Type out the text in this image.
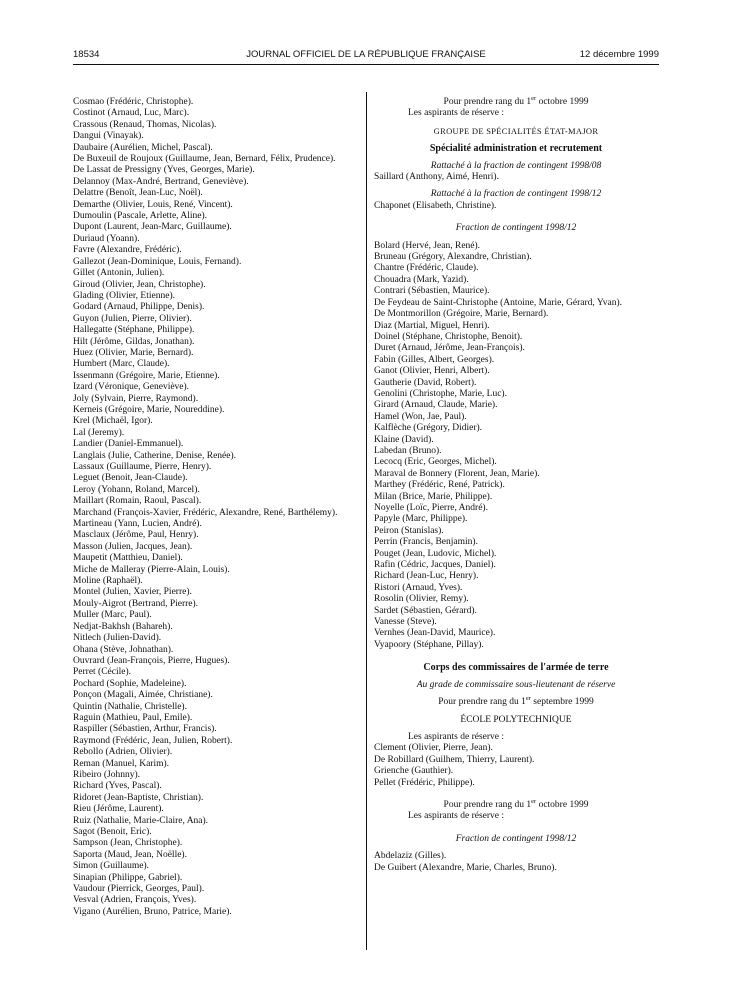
18534	JOURNAL OFFICIEL DE LA RÉPUBLIQUE FRANÇAISE	12 décembre 1999
Cosmao (Frédéric, Christophe).
Costinot (Arnaud, Luc, Marc).
Crassous (Renaud, Thomas, Nicolas).
Dangui (Vinayak).
Daubaire (Aurélien, Michel, Pascal).
De Buxeuil de Roujoux (Guillaume, Jean, Bernard, Félix, Prudence).
De Lassat de Pressigny (Yves, Georges, Marie).
Delannoy (Max-André, Bertrand, Geneviève).
Delattre (Benoît, Jean-Luc, Noël).
Demarthe (Olivier, Louis, René, Vincent).
Dumoulin (Pascale, Arlette, Aline).
Dupont (Laurent, Jean-Marc, Guillaume).
Duriaud (Yoann).
Favre (Alexandre, Frédéric).
Gallezot (Jean-Dominique, Louis, Fernand).
Gillet (Antonin, Julien).
Giroud (Olivier, Jean, Christophe).
Glading (Olivier, Etienne).
Godard (Arnaud, Philippe, Denis).
Guyon (Julien, Pierre, Olivier).
Hallegatte (Stéphane, Philippe).
Hilt (Jérôme, Gildas, Jonathan).
Huez (Olivier, Marie, Bernard).
Humbert (Marc, Claude).
Issenmann (Grégoire, Marie, Etienne).
Izard (Véronique, Geneviève).
Joly (Sylvain, Pierre, Raymond).
Kerneis (Grégoire, Marie, Noureddine).
Krel (Michaël, Igor).
Lal (Jeremy).
Landier (Daniel-Emmanuel).
Langlais (Julie, Catherine, Denise, Renée).
Lassaux (Guillaume, Pierre, Henry).
Leguet (Benoit, Jean-Claude).
Leroy (Yohann, Roland, Marcel).
Maillart (Romain, Raoul, Pascal).
Marchand (François-Xavier, Frédéric, Alexandre, René, Barthélemy).
Martineau (Yann, Lucien, André).
Masclaux (Jérôme, Paul, Henry).
Masson (Julien, Jacques, Jean).
Maupetit (Matthieu, Daniel).
Miche de Malleray (Pierre-Alain, Louis).
Moline (Raphaël).
Montel (Julien, Xavier, Pierre).
Mouly-Aigrot (Bertrand, Pierre).
Muller (Marc, Paul).
Nedjat-Bakhsh (Bahareh).
Nitlech (Julien-David).
Ohana (Stève, Johnathan).
Ouvrard (Jean-François, Pierre, Hugues).
Perret (Cécile).
Pochard (Sophie, Madeleine).
Ponçon (Magali, Aimée, Christiane).
Quintin (Nathalie, Christelle).
Raguin (Mathieu, Paul, Emile).
Raspiller (Sébastien, Arthur, Francis).
Raymond (Frédéric, Jean, Julien, Robert).
Rebollo (Adrien, Olivier).
Reman (Manuel, Karim).
Ribeiro (Johnny).
Richard (Yves, Pascal).
Ridoret (Jean-Baptiste, Christian).
Rieu (Jérôme, Laurent).
Ruiz (Nathalie, Marie-Claire, Ana).
Sagot (Benoit, Eric).
Sampson (Jean, Christophe).
Saporta (Maud, Jean, Noëlle).
Simon (Guillaume).
Sinapian (Philippe, Gabriel).
Vaudour (Pierrick, Georges, Paul).
Vesval (Adrien, François, Yves).
Vigano (Aurélien, Bruno, Patrice, Marie).
Pour prendre rang du 1er octobre 1999
Les aspirants de réserve :
GROUPE DE SPÉCIALITÉS ÉTAT-MAJOR
Spécialité administration et recrutement
Rattaché à la fraction de contingent 1998/08
Saillard (Anthony, Aimé, Henri).
Rattaché à la fraction de contingent 1998/12
Chaponet (Elisabeth, Christine).
Fraction de contingent 1998/12
Bolard (Hervé, Jean, René).
Bruneau (Grégory, Alexandre, Christian).
Chantre (Frédéric, Claude).
Chouadra (Mark, Yazid).
Contrari (Sébastien, Maurice).
De Feydeau de Saint-Christophe (Antoine, Marie, Gérard, Yvan).
De Montmorillon (Grégoire, Marie, Bernard).
Diaz (Martial, Miguel, Henri).
Doinel (Stéphane, Christophe, Benoit).
Duret (Arnaud, Jérôme, Jean-François).
Fabin (Gilles, Albert, Georges).
Ganot (Olivier, Henri, Albert).
Gautherie (David, Robert).
Genolini (Christophe, Marie, Luc).
Girard (Arnaud, Claude, Marie).
Hamel (Won, Jae, Paul).
Kalflèche (Grégory, Didier).
Klaine (David).
Labedan (Bruno).
Lecocq (Eric, Georges, Michel).
Maraval de Bonnery (Florent, Jean, Marie).
Marthey (Frédéric, René, Patrick).
Milan (Brice, Marie, Philippe).
Noyelle (Loïc, Pierre, André).
Papyle (Marc, Philippe).
Peiron (Stanislas).
Perrin (Francis, Benjamin).
Pouget (Jean, Ludovic, Michel).
Rafin (Cédric, Jacques, Daniel).
Richard (Jean-Luc, Henry).
Ristori (Arnaud, Yves).
Rosolin (Olivier, Remy).
Sardet (Sébastien, Gérard).
Vanesse (Steve).
Vernhes (Jean-David, Maurice).
Vyapoory (Stéphane, Pillay).
Corps des commissaires de l'armée de terre
Au grade de commissaire sous-lieutenant de réserve
Pour prendre rang du 1er septembre 1999
ÉCOLE POLYTECHNIQUE
Les aspirants de réserve :
Clement (Olivier, Pierre, Jean).
De Robillard (Guilhem, Thierry, Laurent).
Grienche (Gauthier).
Pellet (Frédéric, Philippe).
Pour prendre rang du 1er octobre 1999
Les aspirants de réserve :
Fraction de contingent 1998/12
Abdelaziz (Gilles).
De Guibert (Alexandre, Marie, Charles, Bruno).
